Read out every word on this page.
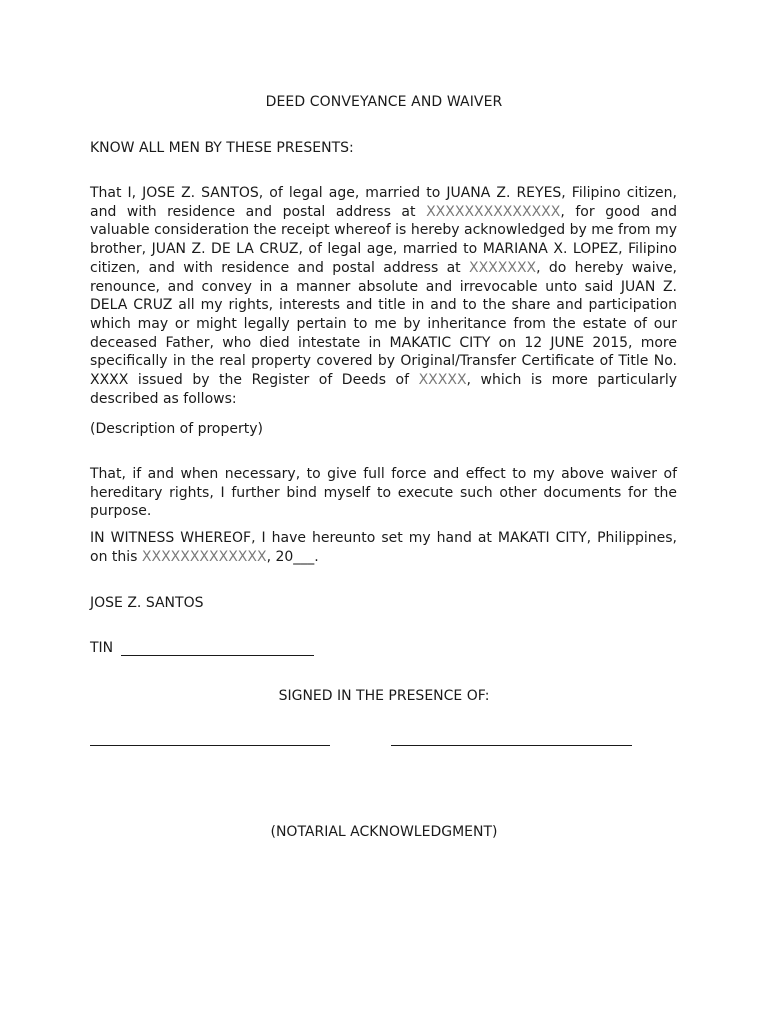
DEED CONVEYANCE AND WAIVER
KNOW ALL MEN BY THESE PRESENTS:

That I, JOSE Z. SANTOS, of legal age, married to JUANA Z. REYES, Filipino citizen, and with residence and postal address at XXXXXXXXXXXXXX, for good and valuable consideration the receipt whereof is hereby acknowledged by me from my brother, JUAN Z. DE LA CRUZ, of legal age, married to MARIANA X. LOPEZ, Filipino citizen, and with residence and postal address at XXXXXXX, do hereby waive, renounce, and convey in a manner absolute and irrevocable unto said JUAN Z. DELA CRUZ all my rights, interests and title in and to the share and participation which may or might legally pertain to me by inheritance from the estate of our deceased Father, who died intestate in MAKATIC CITY on 12 JUNE 2015, more specifically in the real property covered by Original/Transfer Certificate of Title No. XXXX issued by the Register of Deeds of XXXXX, which is more particularly described as follows:

(Description of property)

That, if and when necessary, to give full force and effect to my above waiver of hereditary rights, I further bind myself to execute such other documents for the purpose.

IN WITNESS WHEREOF, I have hereunto set my hand at MAKATI CITY, Philippines, on this XXXXXXXXXXXXX, 20___.

JOSE Z. SANTOS
TIN
SIGNED IN THE PRESENCE OF:
(NOTARIAL ACKNOWLEDGMENT)
